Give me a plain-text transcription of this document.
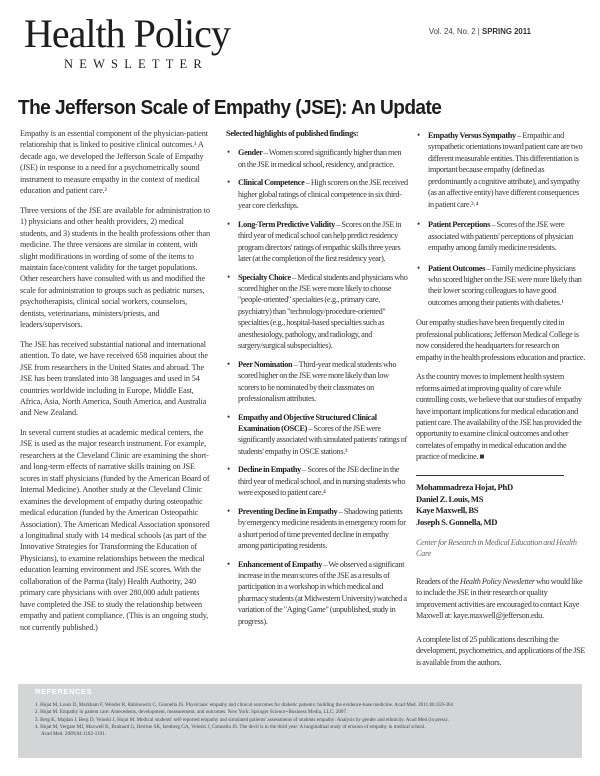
Health Policy
NEWSLETTER
Vol. 24, No. 2 | SPRING 2011
The Jefferson Scale of Empathy (JSE): An Update

Empathy is an essential component of the physician-patient relationship that is linked to positive clinical outcomes.¹ A decade ago, we developed the Jefferson Scale of Empathy (JSE) in response to a need for a psychometrically sound instrument to measure empathy in the context of medical education and patient care.²

Three versions of the JSE are available for administration to 1) physicians and other health providers, 2) medical students, and 3) students in the health professions other than medicine. The three versions are similar in content, with slight modifications in wording of some of the items to maintain face/content validity for the target populations. Other researchers have consulted with us and modified the scale for administration to groups such as pediatric nurses, psychotherapists, clinical social workers, counselors, dentists, veterinarians, ministers/priests, and leaders/supervisors.

The JSE has received substantial national and international attention. To date, we have received 658 inquiries about the JSE from researchers in the United States and abroad. The JSE has been translated into 38 languages and used in 54 countries worldwide including in Europe, Middle East, Africa, Asia, North America, South America, and Australia and New Zealand.

In several current studies at academic medical centers, the JSE is used as the major research instrument. For example, researchers at the Cleveland Clinic are examining the short- and long-term effects of narrative skills training on JSE scores in staff physicians (funded by the American Board of Internal Medicine). Another study at the Cleveland Clinic examines the development of empathy during osteopathic medical education (funded by the American Osteopathic Association). The American Medical Association sponsored a longitudinal study with 14 medical schools (as part of the Innovative Strategies for Transforming the Education of Physicians), to examine relationships between the medical education learning environment and JSE scores. With the collaboration of the Parma (Italy) Health Authority, 240 primary care physicians with over 280,000 adult patients have completed the JSE to study the relationship between empathy and patient compliance. (This is an ongoing study, not currently published.)

Selected highlights of published findings:
• Gender – Women scored significantly higher than men on the JSE in medical school, residency, and practice.
• Clinical Competence – High scorers on the JSE received higher global ratings of clinical competence in six third-year core clerkships.
• Long-Term Predictive Validity – Scores on the JSE in third year of medical school can help predict residency program directors' ratings of empathic skills three years later (at the completion of the first residency year).
• Specialty Choice – Medical students and physicians who scored higher on the JSE were more likely to choose "people-oriented" specialties (e.g., primary care, psychiatry) than "technology/procedure-oriented" specialties (e.g., hospital-based specialties such as anesthesiology, pathology, and radiology, and surgery/surgical subspecialties).
• Peer Nomination – Third-year medical students who scored higher on the JSE were more likely than low scorers to be nominated by their classmates on professionalism attributes.
• Empathy and Objective Structured Clinical Examination (OSCE) – Scores of the JSE were significantly associated with simulated patients' ratings of students' empathy in OSCE stations.³
• Decline in Empathy – Scores of the JSE decline in the third year of medical school, and in nursing students who were exposed to patient care.⁴
• Preventing Decline in Empathy – Shadowing patients by emergency medicine residents in emergency room for a short period of time prevented decline in empathy among participating residents.
• Enhancement of Empathy – We observed a significant increase in the mean scores of the JSE as a results of participation in a workshop in which medical and pharmacy students (at Midwestern University) watched a variation of the "Aging Game" (unpublished, study in progress).
• Empathy Versus Sympathy – Empathic and sympathetic orientations toward patient care are two different measurable entities. This differentiation is important because empathy (defined as predominantly a cognitive attribute), and sympathy (as an affective entity) have different consequences in patient care.³˒⁴
• Patient Perceptions – Scores of the JSE were associated with patients' perceptions of physician empathy among family medicine residents.
• Patient Outcomes – Family medicine physicians who scored higher on the JSE were more likely than their lower scoring colleagues to have good outcomes among their patients with diabetes.¹

Our empathy studies have been frequently cited in professional publications; Jefferson Medical College is now considered the headquarters for research on empathy in the health professions education and practice.

As the country moves to implement health system reforms aimed at improving quality of care while controlling costs, we believe that our studies of empathy have important implications for medical education and patient care. The availability of the JSE has provided the opportunity to examine clinical outcomes and other correlates of empathy in medical education and the practice of medicine. ■

Mohammadreza Hojat, PhD
Daniel Z. Louis, MS
Kaye Maxwell, BS
Joseph S. Gonnella, MD

Center for Research in Medical Education and Health Care

Readers of the Health Policy Newsletter who would like to include the JSE in their research or quality improvement activities are encouraged to contact Kaye Maxwell at: kaye.maxwell@jefferson.edu.

A complete list of 25 publications describing the development, psychometrics, and applications of the JSE is available from the authors.

REFERENCES
1. Hojat M, Louis D, Markham F, Wender R, Rabinowitz C, Gonnella JS. Physicians' empathy and clinical outcomes for diabetic patients: building the evidence-base medicine. Acad Med. 2011;86:359-364
2. Hojat M. Empathy in patient care: Antecedents, development, measurement, and outcomes. New York: Springer Science+Business Media, LLC; 2007.
3. Berg K, Majdan J, Berg D, Veloski J, Hojat M. Medical students' self-reported empathy and simulated patients' assessments of students empathy: Analysis by gender and ethnicity. Acad Med (in press).
4. Hojat M, Vergare MJ, Maxwell K, Brainard G, Herrine SK, Isenberg GA, Veloski J, Gonnella JS. The devil is in the third year: A longitudinal study of erosion of empathy in medical school.
Acad Med. 2009;84:1182-1191.
